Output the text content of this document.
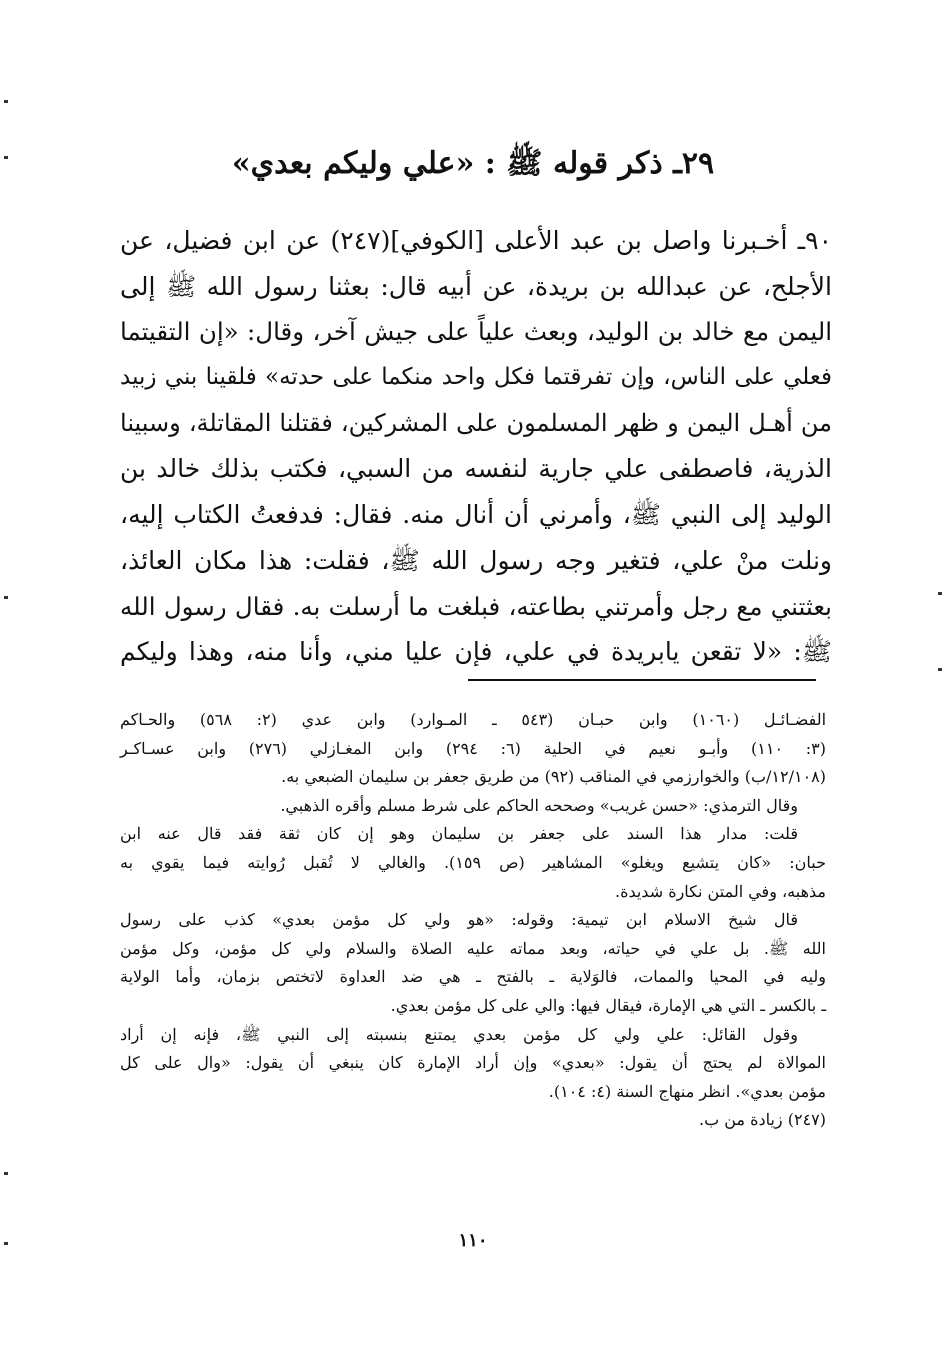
٢٩ـ ذكر قوله ﷺ : «علي وليكم بعدي»
٩٠ـ أخـبرنا واصل بن عبد الأعلى [الكوفي](٢٤٧) عن ابن فضيل، عن
الأجلح، عن عبدالله بن بريدة، عن أبيه قال: بعثنا رسول الله ﷺ إلى
اليمن مع خالد بن الوليد، وبعث علياً على جيش آخر، وقال: «إن التقيتما
فعلي على الناس، وإن تفرقتما فكل واحد منكما على حدته» فلقينا بني زبيد
من أهـل اليمن و ظهر المسلمون على المشركين، فقتلنا المقاتلة، وسبينا
الذرية، فاصطفى علي جارية لنفسه من السبي، فكتب بذلك خالد بن
الوليد إلى النبي ﷺ، وأمرني أن أنال منه. فقال: فدفعتُ الكتاب إليه،
ونلت منْ علي، فتغير وجه رسول الله ﷺ، فقلت: هذا مكان العائذ،
بعثتني مع رجل وأمرتني بطاعته، فبلغت ما أرسلت به. فقال رسول الله
ﷺ: «لا تقعن يابريدة في علي، فإن عليا مني، وأنا منه، وهذا وليكم
الفضـائـل (١٠٦٠) وابن حبـان (٥٤٣ ـ المـوارد) وابن عدي (٢: ٥٦٨) والحـاكم
(٣: ١١٠) وأبـو نعيم في الحلية (٦: ٢٩٤) وابن المغـازلي (٢٧٦) وابن عسـاكـر
(١٢/١٠٨/ب) والخوارزمي في المناقب (٩٢) من طريق جعفر بن سليمان الضبعي به.
وقال الترمذي: «حسن غريب» وصححه الحاكم على شرط مسلم وأقره الذهبي.
قلت: مدار هذا السند على جعفر بن سليمان وهو إن كان ثقة فقد قال عنه ابن
حبان: «كان يتشيع ويغلو» المشاهير (ص ١٥٩). والغالي لا تُقبل رُوايته فيما يقوي به
مذهبه، وفي المتن نكارة شديدة.
قال شيخ الاسلام ابن تيمية: وقوله: «هو ولي كل مؤمن بعدي» كذب على رسول
الله ﷺ. بل علي في حياته، وبعد مماته عليه الصلاة والسلام ولي كل مؤمن، وكل مؤمن
وليه في المحيا والممات، فالوَلاية ـ بالفتح ـ هي ضد العداوة لاتختص بزمان، وأما الولاية
ـ بالكسر ـ التي هي الإمارة، فيقال فيها: والي على كل مؤمن بعدي.
وقول القائل: علي ولي كل مؤمن بعدي يمتنع بنسبته إلى النبي ﷺ، فإنه إن أراد
الموالاة لم يحتج أن يقول: «بعدي» وإن أراد الإمارة كان ينبغي أن يقول: «وال على كل
مؤمن بعدي». انظر منهاج السنة (٤: ١٠٤).
(٢٤٧) زيادة من ب.
١١٠
